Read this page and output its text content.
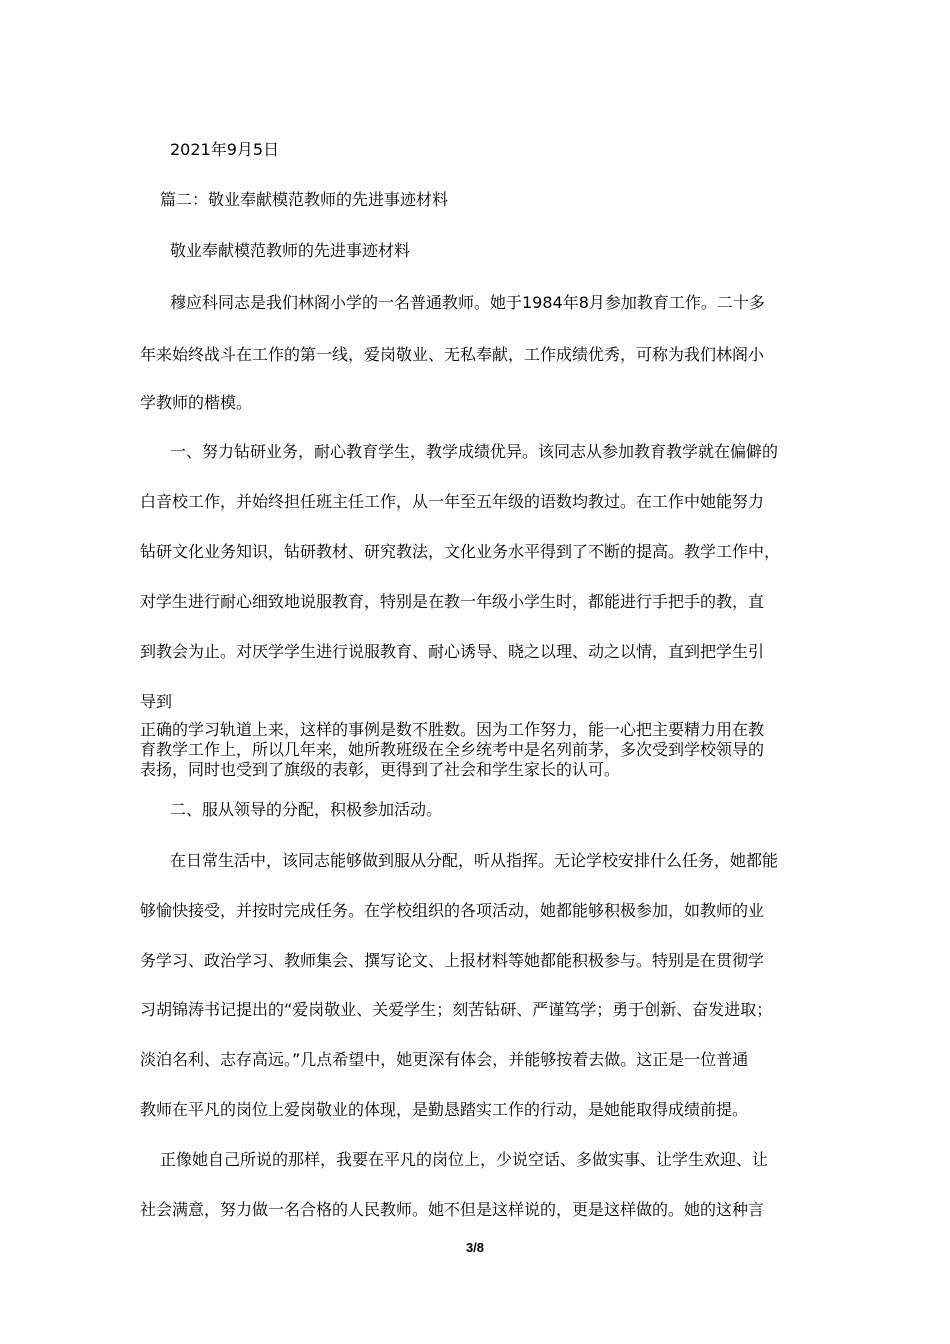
2021年9月5日

篇二：敬业奉献模范教师的先进事迹材料

敬业奉献模范教师的先进事迹材料

穆应科同志是我们林阁小学的一名普通教师。她于1984年8月参加教育工作。二十多

年来始终战斗在工作的第一线，爱岗敬业、无私奉献，工作成绩优秀，可称为我们林阁小

学教师的楷模。

一、努力钻研业务，耐心教育学生，教学成绩优异。该同志从参加教育教学就在偏僻的

白音校工作，并始终担任班主任工作，从一年至五年级的语数均教过。在工作中她能努力

钻研文化业务知识，钻研教材、研究教法，文化业务水平得到了不断的提高。教学工作中，

对学生进行耐心细致地说服教育，特别是在教一年级小学生时，都能进行手把手的教，直

到教会为止。对厌学学生进行说服教育、耐心诱导、晓之以理、动之以情，直到把学生引

导到

正确的学习轨道上来，这样的事例是数不胜数。因为工作努力，能一心把主要精力用在教

育教学工作上，所以几年来，她所教班级在全乡统考中是名列前茅，多次受到学校领导的

表扬，同时也受到了旗级的表彰，更得到了社会和学生家长的认可。

二、服从领导的分配，积极参加活动。

在日常生活中，该同志能够做到服从分配，听从指挥。无论学校安排什么任务，她都能

够愉快接受，并按时完成任务。在学校组织的各项活动，她都能够积极参加，如教师的业

务学习、政治学习、教师集会、撰写论文、上报材料等她都能积极参与。特别是在贯彻学

习胡锦涛书记提出的“爱岗敬业、关爱学生；刻苦钻研、严谨笃学；勇于创新、奋发进取；

淡泊名利、志存高远。”几点希望中，她更深有体会，并能够按着去做。这正是一位普通

教师在平凡的岗位上爱岗敬业的体现，是勤恳踏实工作的行动，是她能取得成绩前提。

正像她自己所说的那样，我要在平凡的岗位上，少说空话、多做实事、让学生欢迎、让

社会满意，努力做一名合格的人民教师。她不但是这样说的，更是这样做的。她的这种言

3/8
